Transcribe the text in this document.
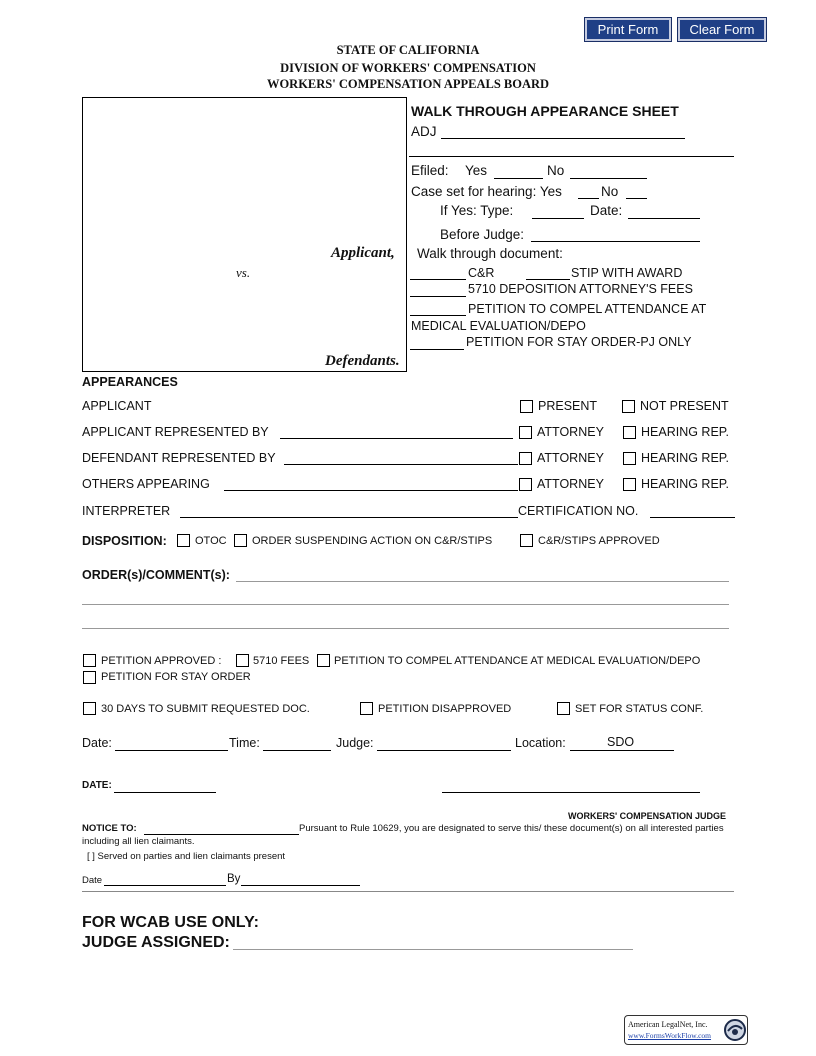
Print Form	Clear Form
STATE OF CALIFORNIA
DIVISION OF WORKERS' COMPENSATION
WORKERS' COMPENSATION APPEALS BOARD
Applicant,
vs.
Defendants.
WALK THROUGH APPEARANCE SHEET
ADJ
Efiled: Yes	No
Case set for hearing: Yes	No
If Yes: Type:	Date:
Before Judge:
Walk through document:
C&R	STIP WITH AWARD
5710 DEPOSITION ATTORNEY'S FEES
PETITION TO COMPEL ATTENDANCE AT
MEDICAL EVALUATION/DEPO
PETITION FOR STAY ORDER-PJ ONLY
APPEARANCES
APPLICANT	PRESENT	NOT PRESENT
APPLICANT REPRESENTED BY	ATTORNEY	HEARING REP.
DEFENDANT REPRESENTED BY	ATTORNEY	HEARING REP.
OTHERS APPEARING	ATTORNEY	HEARING REP.
INTERPRETER	CERTIFICATION NO.
DISPOSITION:	OTOC ORDER SUSPENDING ACTION ON C&R/STIPS	C&R/STIPS APPROVED
ORDER(s)/COMMENT(s):
PETITION APPROVED :	5710 FEES PETITION TO COMPEL ATTENDANCE AT MEDICAL EVALUATION/DEPO
PETITION FOR STAY ORDER
30 DAYS TO SUBMIT REQUESTED DOC.	PETITION DISAPPROVED	SET FOR STATUS CONF.
Date:	Time:	Judge:	Location:	SDO
DATE:
WORKERS' COMPENSATION JUDGE
NOTICE TO:	Pursuant to Rule 10629, you are designated to serve this/ these document(s) on all interested parties
including all lien claimants.
[ ] Served on parties and lien claimants present
Date	By
FOR WCAB USE ONLY:
JUDGE ASSIGNED:
American LegalNet, Inc.
www.FormsWorkFlow.com
